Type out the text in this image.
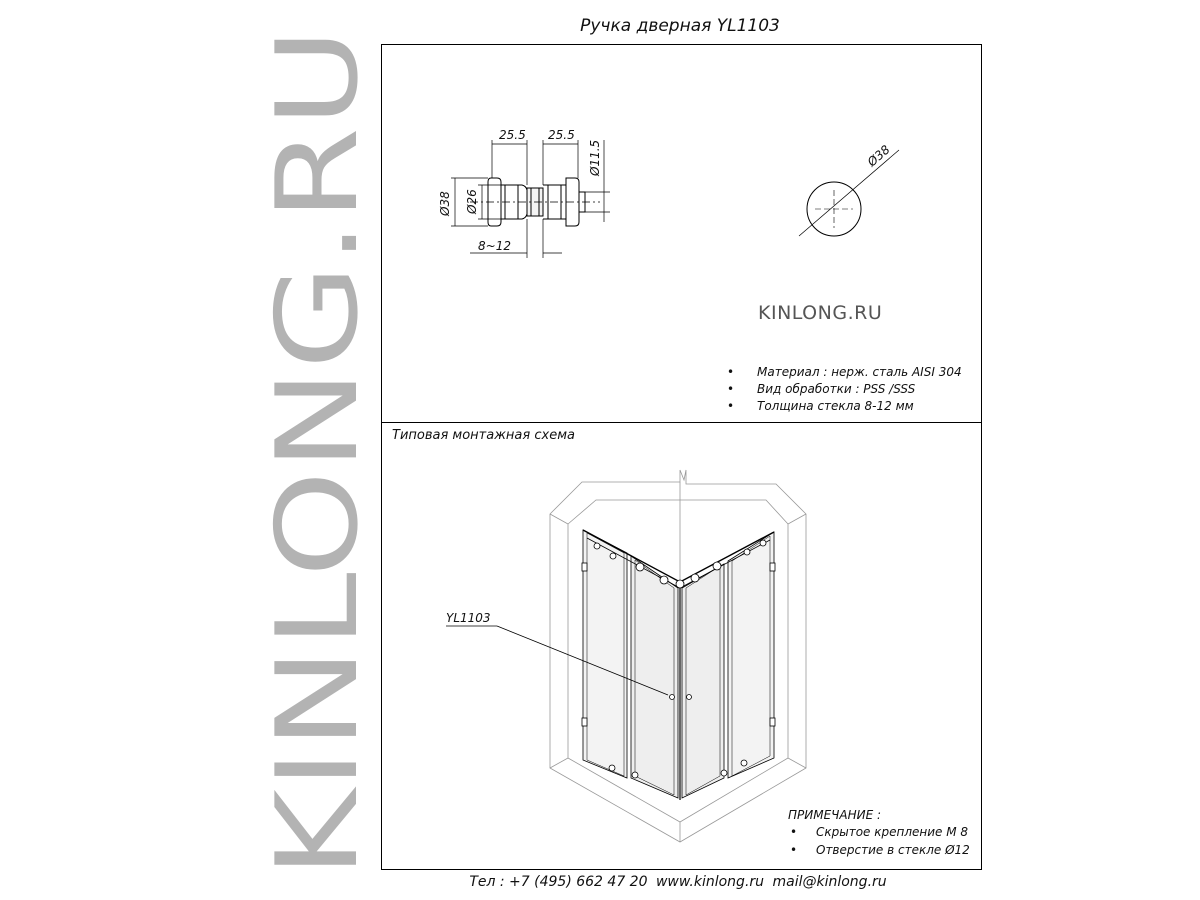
KINLONG.RU
Ручка дверная YL1103
25.5 25.5
Ø11.5
Ø38 Ø26
8~12
Ø38
KINLONG.RU
• Материал : нерж. сталь AISI 304
• Вид обработки : PSS /SSS
• Толщина стекла 8-12 мм
Типовая монтажная схема
YL1103
ПРИМЕЧАНИЕ :
• Скрытое крепление M 8
• Отверстие в стекле Ø12
Тел : +7 (495) 662 47 20 www.kinlong.ru mail@kinlong.ru
